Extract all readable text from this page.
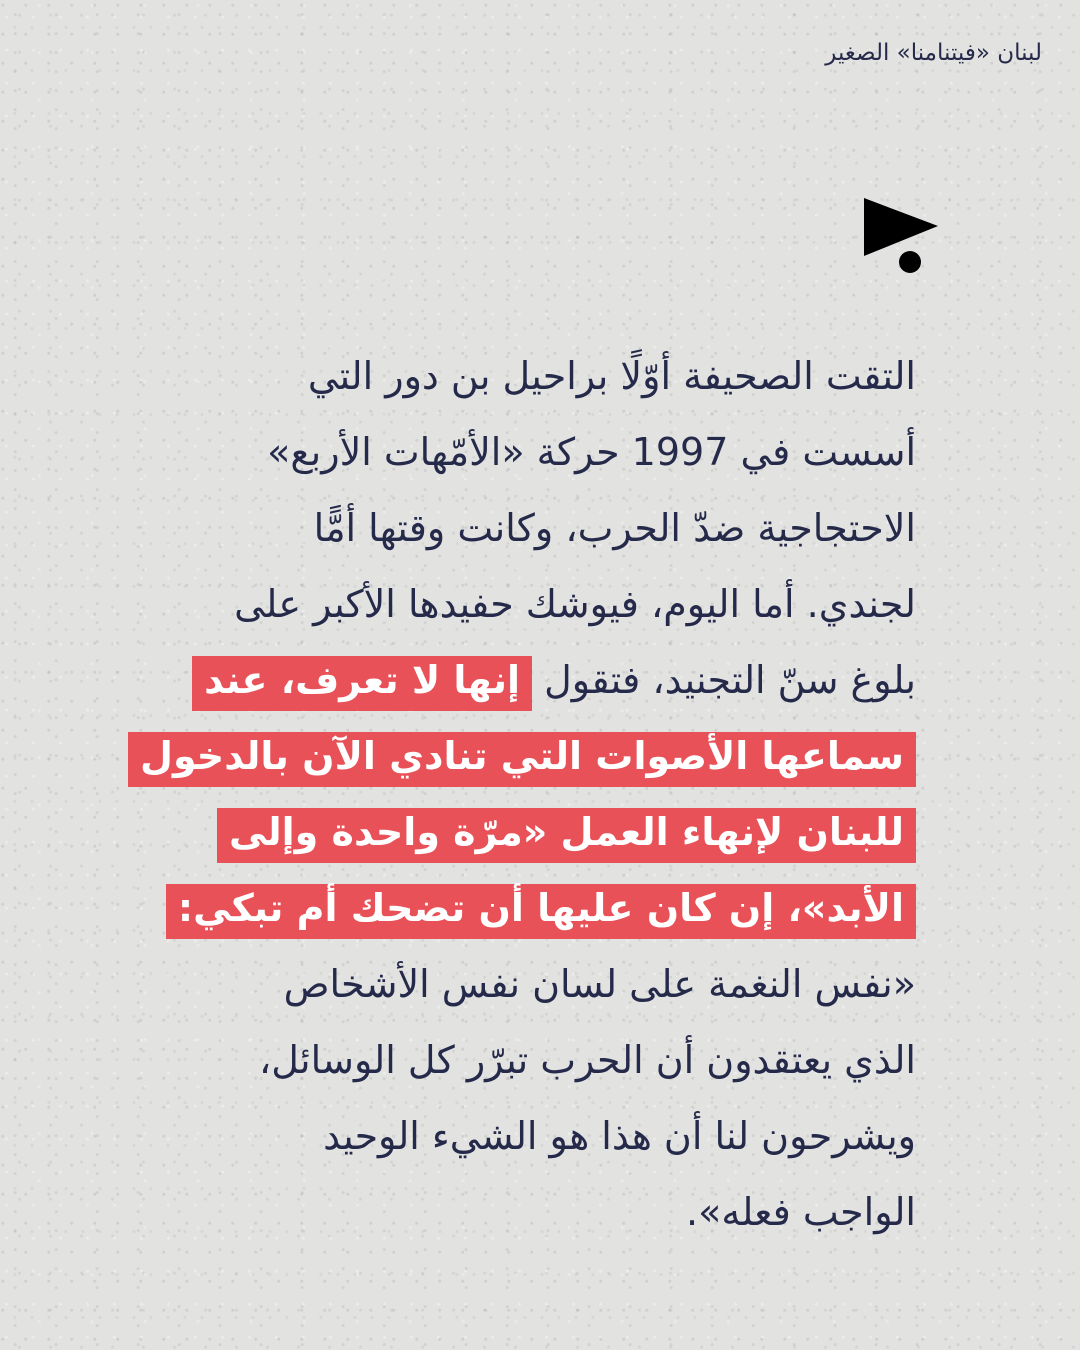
لبنان «فيتنامنا» الصغير
التقت الصحيفة أوّلًا براحيل بن دور التي
أسست في 1997 حركة «الأمّهات الأربع»
الاحتجاجية ضدّ الحرب، وكانت وقتها أمًّا
لجندي. أما اليوم، فيوشك حفيدها الأكبر على
بلوغ سنّ التجنيد، فتقول إنها لا تعرف، عند
سماعها الأصوات التي تنادي الآن بالدخول
للبنان لإنهاء العمل «مرّة واحدة وإلى
الأبد»، إن كان عليها أن تضحك أم تبكي:
«نفس النغمة على لسان نفس الأشخاص
الذي يعتقدون أن الحرب تبرّر كل الوسائل،
ويشرحون لنا أن هذا هو الشيء الوحيد
الواجب فعله».
